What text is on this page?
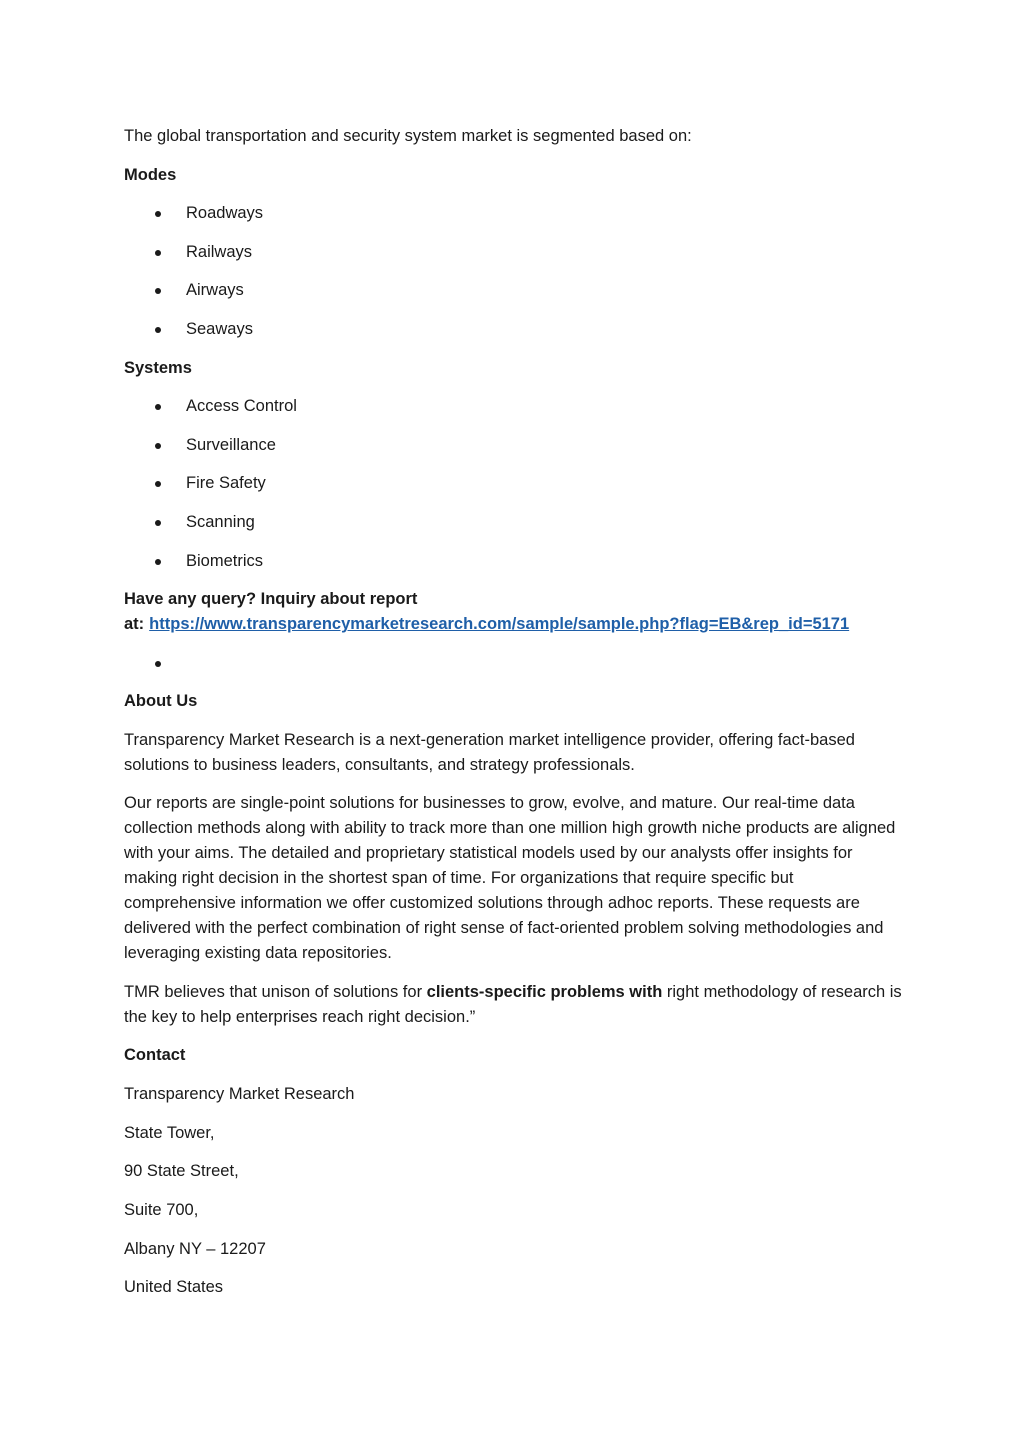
The global transportation and security system market is segmented based on:

Modes

Roadways
Railways
Airways
Seaways

Systems

Access Control
Surveillance
Fire Safety
Scanning
Biometrics

Have any query? Inquiry about report
at: https://www.transparencymarketresearch.com/sample/sample.php?flag=EB&rep_id=5171

About Us

Transparency Market Research is a next-generation market intelligence provider, offering fact-based solutions to business leaders, consultants, and strategy professionals.

Our reports are single-point solutions for businesses to grow, evolve, and mature. Our real-time data collection methods along with ability to track more than one million high growth niche products are aligned with your aims. The detailed and proprietary statistical models used by our analysts offer insights for making right decision in the shortest span of time. For organizations that require specific but comprehensive information we offer customized solutions through adhoc reports. These requests are delivered with the perfect combination of right sense of fact-oriented problem solving methodologies and leveraging existing data repositories.

TMR believes that unison of solutions for clients-specific problems with right methodology of research is the key to help enterprises reach right decision.”

Contact

Transparency Market Research

State Tower,

90 State Street,

Suite 700,

Albany NY – 12207

United States
